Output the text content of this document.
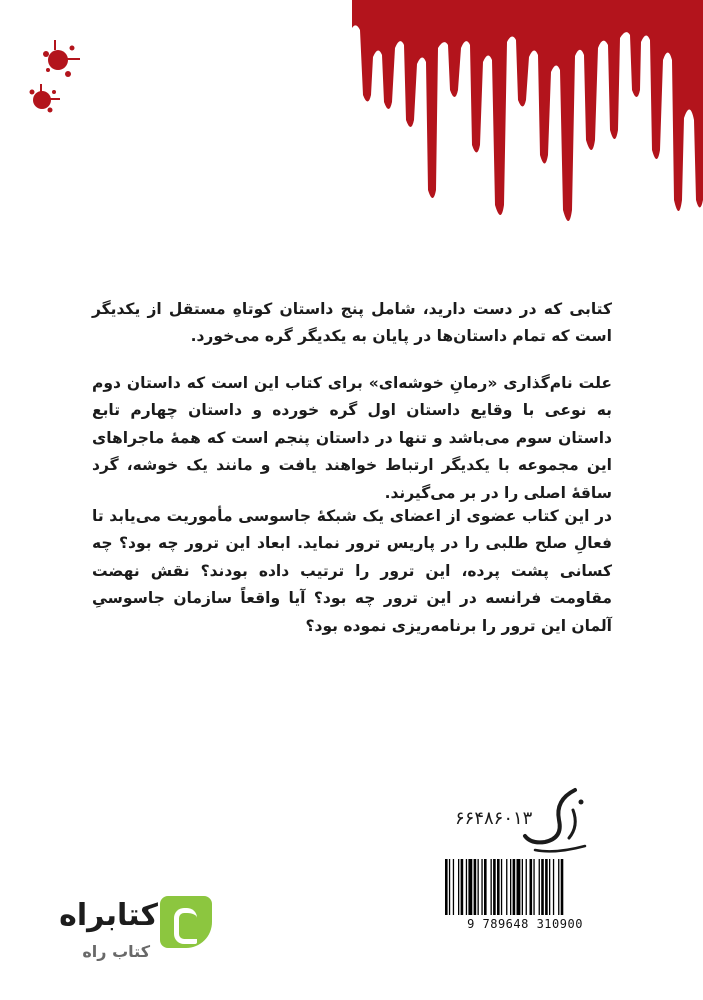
کتابی که در دست دارید، شامل پنج داستان کوتاهِ مستقل از یکدیگر است که تمام داستان‌ها در پایان به یکدیگر گره می‌خورد.

علت نام‌گذاری «رمانِ خوشه‌ای» برای کتاب این است که داستان دوم به نوعی با وقایع داستان اول گره خورده و داستان چهارم تابع داستان سوم می‌باشد و تنها در داستان پنجم است که همهٔ ماجراهای این مجموعه با یکدیگر ارتباط خواهند یافت و مانند یک خوشه، گرد ساقهٔ اصلی را در بر می‌گیرند.

در این کتاب عضوی از اعضای یک شبکهٔ جاسوسی مأموریت می‌یابد تا فعالِ صلح طلبی را در پاریس ترور نماید. ابعاد این ترور چه بود؟ چه کسانی پشت پرده، این ترور را ترتیب داده بودند؟ نقش نهضت مقاومت فرانسه در این ترور چه بود؟ آیا واقعاً سازمان جاسوسیِ آلمان این ترور را برنامه‌ریزی نموده بود؟

۶۶۴۸۶۰۱۳
9 789648 310900
کتابراه
کتاب راه
